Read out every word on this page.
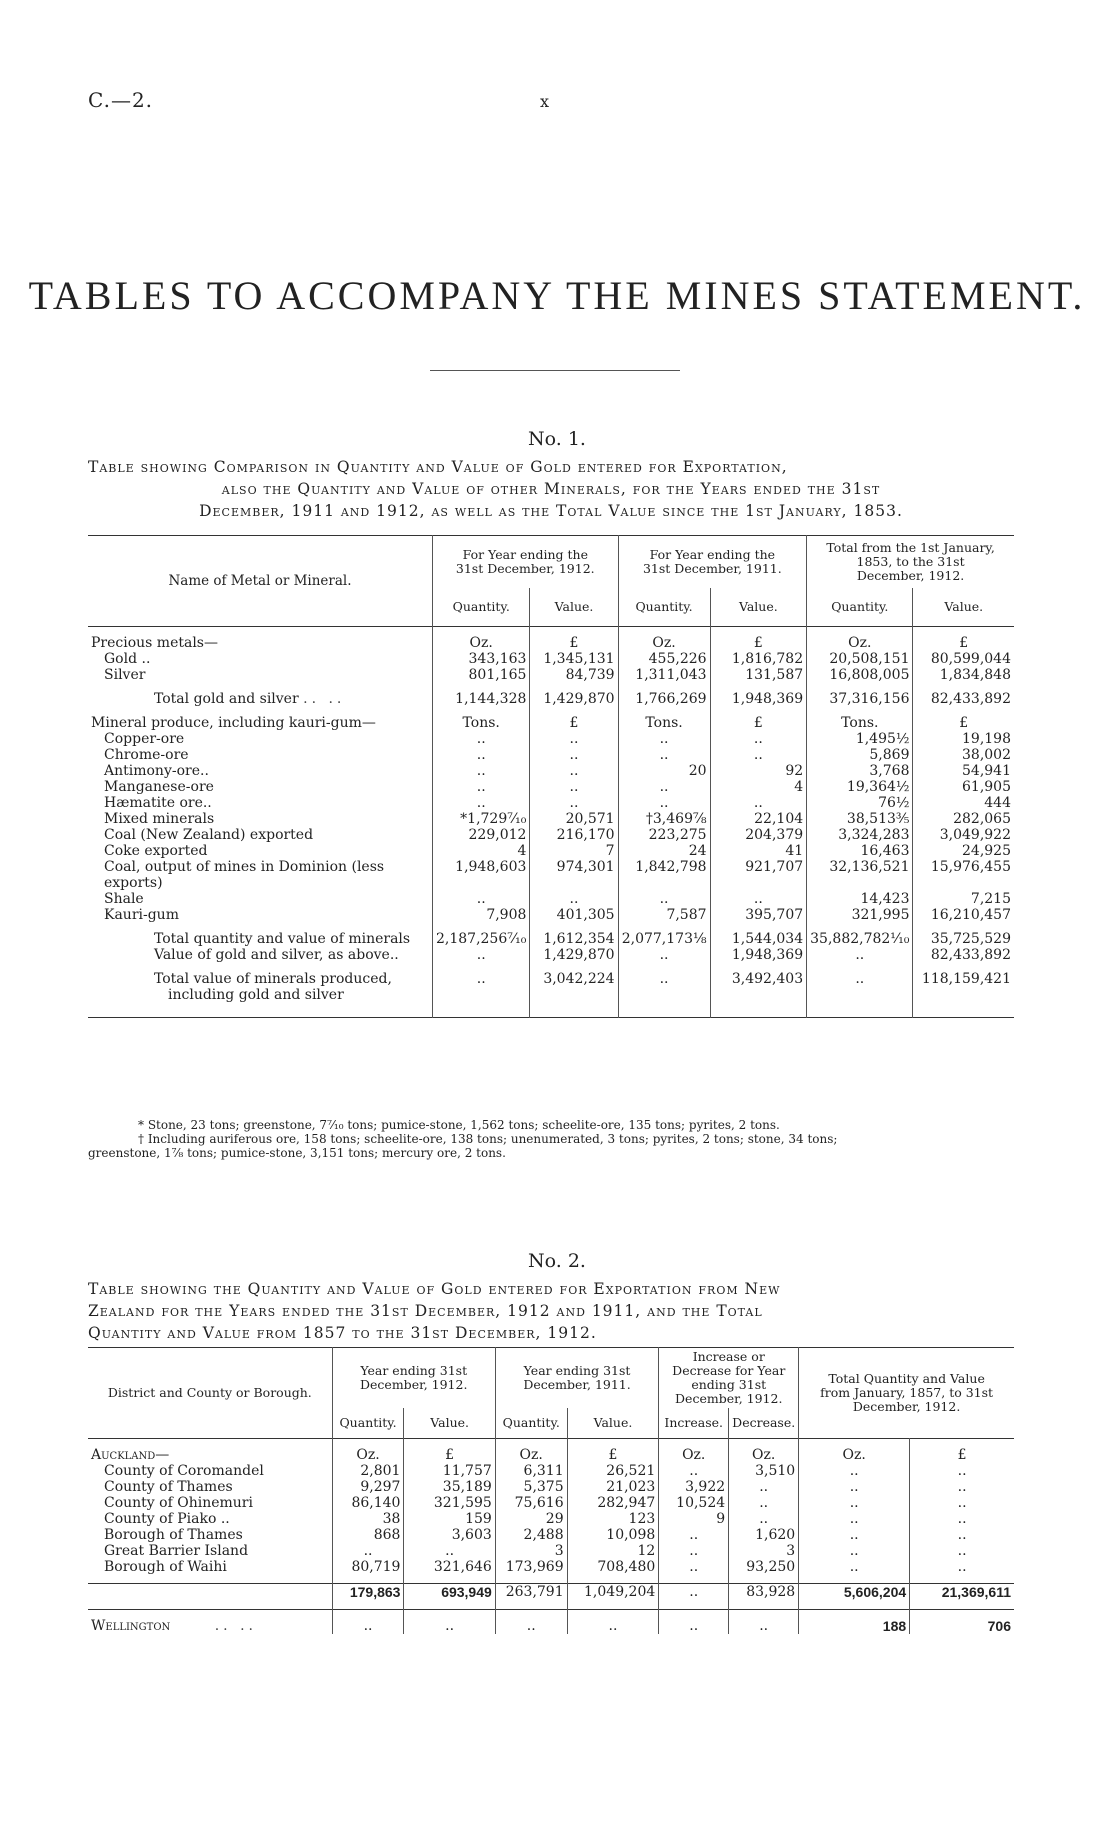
C.—2.	x
TABLES TO ACCOMPANY THE MINES STATEMENT.
No. 1.
Table showing Comparison in Quantity and Value of Gold entered for Exportation,
also the Quantity and Value of other Minerals, for the Years ended the 31st
December, 1911 and 1912, as well as the Total Value since the 1st January, 1853.
Name of Metal or Mineral.	For Year ending the 31st December, 1912.		For Year ending the 31st December, 1911.		Total from the 1st January, 1853, to the 31st December, 1912.	
	Quantity.	Value.	Quantity.	Value.	Quantity.	Value.

Precious metals—	Oz.	£	Oz.	£	Oz.	£
Gold ..	343,163	1,345,131	455,226	1,816,782	20,508,151	80,599,044
Silver	801,165	84,739	1,311,043	131,587	16,808,005	1,834,848

Total gold and silver .. ..	1,144,328	1,429,870	1,766,269	1,948,369	37,316,156	82,433,892

Mineral produce, including kauri-gum—	Tons.	£	Tons.	£	Tons.	£
Copper-ore	..	..	..	..	1,495½	19,198
Chrome-ore	..	..	..	..	5,869	38,002
Antimony-ore..	..	..	20	92	3,768	54,941
Manganese-ore	..	..	..	4	19,364½	61,905
Hæmatite ore..	..	..	..	..	76½	444
Mixed minerals	*1,729⁷⁄₁₀	20,571	†3,469⅞	22,104	38,513⅗	282,065
Coal (New Zealand) exported	229,012	216,170	223,275	204,379	3,324,283	3,049,922
Coke exported	4	7	24	41	16,463	24,925
Coal, output of mines in Dominion (less	1,948,603	974,301	1,842,798	921,707	32,136,521	15,976,455
exports)						
Shale	..	..	..	..	14,423	7,215
Kauri-gum	7,908	401,305	7,587	395,707	321,995	16,210,457

Total quantity and value of minerals	2,187,256⁷⁄₁₀	1,612,354	2,077,173⅛	1,544,034	35,882,782⅒	35,725,529
Value of gold and silver, as above..	..	1,429,870	..	1,948,369	..	82,433,892

Total value of minerals produced,
including gold and silver	..	3,042,224	..	3,492,403	..	118,159,421
* Stone, 23 tons; greenstone, 7⁷⁄₁₀ tons; pumice-stone, 1,562 tons; scheelite-ore, 135 tons; pyrites, 2 tons.
† Including auriferous ore, 158 tons; scheelite-ore, 138 tons; unenumerated, 3 tons; pyrites, 2 tons; stone, 34 tons;
greenstone, 1⅞ tons; pumice-stone, 3,151 tons; mercury ore, 2 tons.
No. 2.
Table showing the Quantity and Value of Gold entered for Exportation from New
Zealand for the Years ended the 31st December, 1912 and 1911, and the Total
Quantity and Value from 1857 to the 31st December, 1912.
District and County or Borough.	Year ending 31st December, 1912.		Year ending 31st December, 1911.		Increase or Decrease for Year ending 31st December, 1912.		Total Quantity and Value from January, 1857, to 31st December, 1912.	
	Quantity.	Value.	Quantity.	Value.	Increase.	Decrease.		

Auckland—	Oz.	£	Oz.	£	Oz.	Oz.	Oz.	£
County of Coromandel	2,801	11,757	6,311	26,521	..	3,510	..	..
County of Thames	9,297	35,189	5,375	21,023	3,922	..	..	..
County of Ohinemuri	86,140	321,595	75,616	282,947	10,524	..	..	..
County of Piako ..	38	159	29	123	9	..	..	..
Borough of Thames	868	3,603	2,488	10,098	..	1,620	..	..
Great Barrier Island	..	..	3	12	..	3	..	..
Borough of Waihi	80,719	321,646	173,969	708,480	..	93,250	..	..

	179,863	693,949	263,791	1,049,204	..	83,928	5,606,204	21,369,611

Wellington .. ..	..	..	..	..	..	..	188	706
